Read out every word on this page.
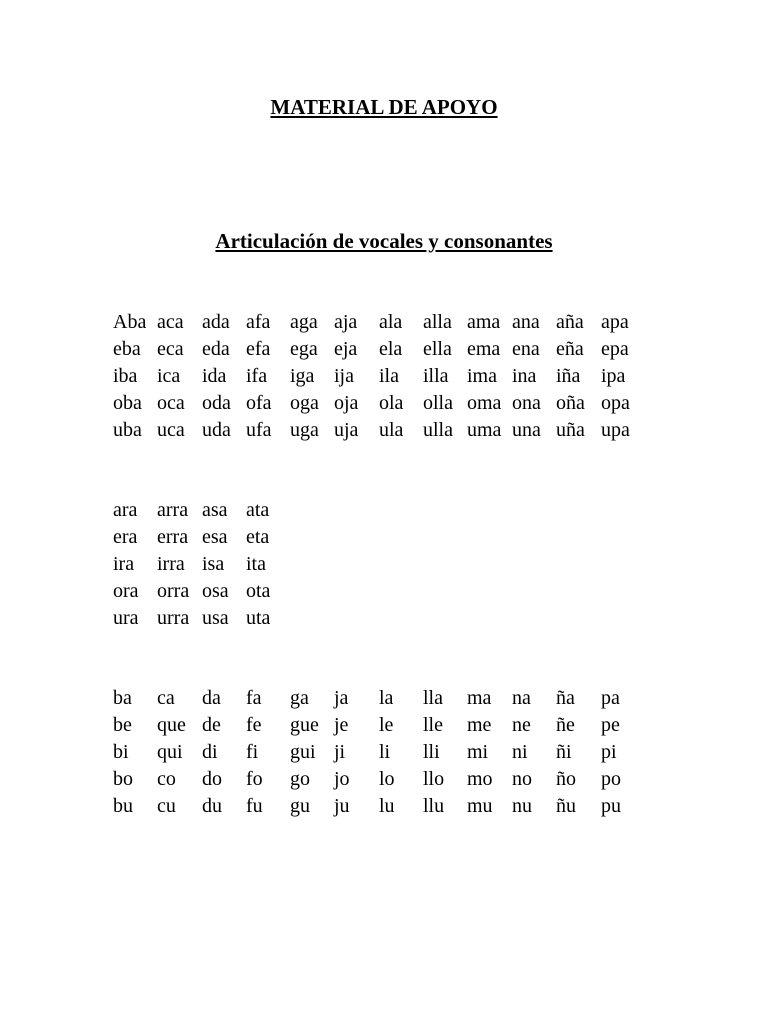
MATERIAL DE APOYO
Articulación de vocales y consonantes
Aba aca ada afa aga aja ala alla ama ana aña apa
eba eca eda efa ega eja ela ella ema ena eña epa
iba ica ida ifa iga ija ila illa ima ina iña ipa
oba oca oda ofa oga oja ola olla oma ona oña opa
uba uca uda ufa uga uja ula ulla uma una uña upa
ara arra asa ata
era erra esa eta
ira irra isa ita
ora orra osa ota
ura urra usa uta
ba ca da fa ga ja la lla ma na ña pa
be que de fe gue je le lle me ne ñe pe
bi qui di fi gui ji li lli mi ni ñi pi
bo co do fo go jo lo llo mo no ño po
bu cu du fu gu ju lu llu mu nu ñu pu
